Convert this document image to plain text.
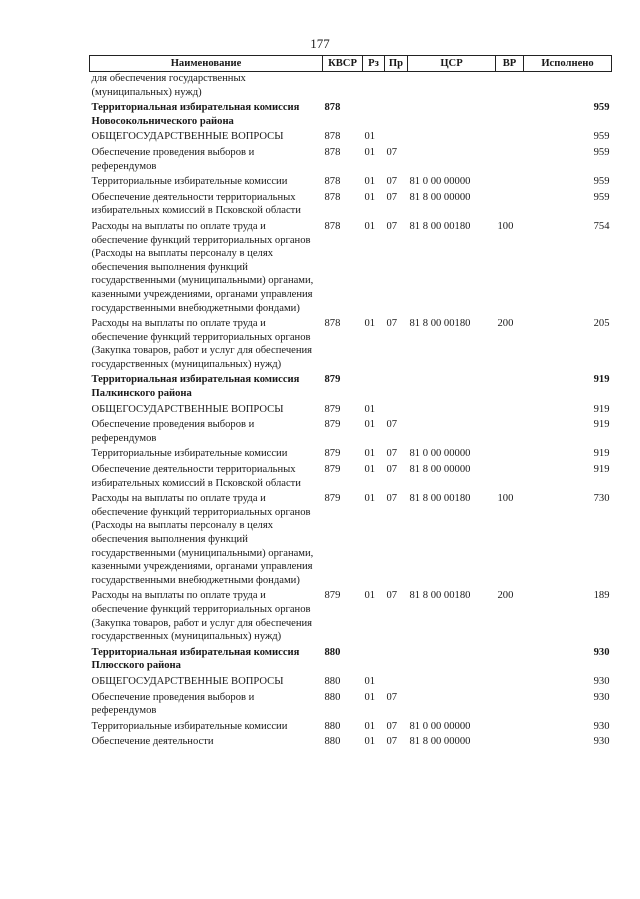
177
Наименование	КВСР	Рз	Пр	ЦСР	ВР	Исполнено
для обеспечения государственных (муниципальных) нужд)						
Территориальная избирательная комиссия Новосокольнического района	878					959
ОБЩЕГОСУДАРСТВЕННЫЕ ВОПРОСЫ	878	01				959
Обеспечение проведения выборов и референдумов	878	01	07			959
Территориальные избирательные комиссии	878	01	07	81 0 00 00000		959
Обеспечение деятельности территориальных избирательных комиссий в Псковской области	878	01	07	81 8 00 00000		959
Расходы на выплаты по оплате труда и обеспечение функций территориальных органов (Расходы на выплаты персоналу в целях обеспечения выполнения функций государственными (муниципальными) органами, казенными учреждениями, органами управления государственными внебюджетными фондами)	878	01	07	81 8 00 00180	100	754
Расходы на выплаты по оплате труда и обеспечение функций территориальных органов (Закупка товаров, работ и услуг для обеспечения государственных (муниципальных) нужд)	878	01	07	81 8 00 00180	200	205
Территориальная избирательная комиссия Палкинского района	879					919
ОБЩЕГОСУДАРСТВЕННЫЕ ВОПРОСЫ	879	01				919
Обеспечение проведения выборов и референдумов	879	01	07			919
Территориальные избирательные комиссии	879	01	07	81 0 00 00000		919
Обеспечение деятельности территориальных избирательных комиссий в Псковской области	879	01	07	81 8 00 00000		919
Расходы на выплаты по оплате труда и обеспечение функций территориальных органов (Расходы на выплаты персоналу в целях обеспечения выполнения функций государственными (муниципальными) органами, казенными учреждениями, органами управления государственными внебюджетными фондами)	879	01	07	81 8 00 00180	100	730
Расходы на выплаты по оплате труда и обеспечение функций территориальных органов (Закупка товаров, работ и услуг для обеспечения государственных (муниципальных) нужд)	879	01	07	81 8 00 00180	200	189
Территориальная избирательная комиссия Плюсского района	880					930
ОБЩЕГОСУДАРСТВЕННЫЕ ВОПРОСЫ	880	01				930
Обеспечение проведения выборов и референдумов	880	01	07			930
Территориальные избирательные комиссии	880	01	07	81 0 00 00000		930
Обеспечение деятельности	880	01	07	81 8 00 00000		930
